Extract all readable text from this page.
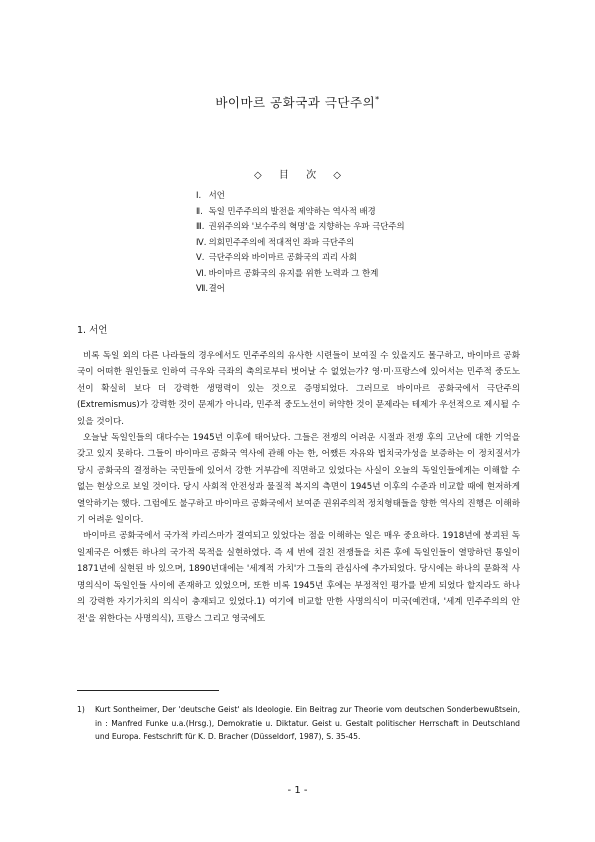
바이마르 공화국과 극단주의*
◇ 目 次 ◇
Ⅰ. 서언
Ⅱ. 독일 민주주의의 발전을 제약하는 역사적 배경
Ⅲ. 권위주의와 '보수주의 혁명'을 지향하는 우파 극단주의
Ⅳ. 의회민주주의에 적대적인 좌파 극단주의
Ⅴ. 극단주의와 바이마르 공화국의 괴리 사회
Ⅵ. 바이마르 공화국의 유지를 위한 노력과 그 한계
Ⅶ. 결어
1. 서언

비록 독일 외의 다른 나라들의 경우에서도 민주주의의 유사한 시련들이 보여질 수 있을지도 몰구하고, 바이마르 공화국이 어떠한 원인들로 인하여 극우와 극좌의 축의로부터 벗어날 수 없었는가? 영·미·프랑스에 있어서는 민주적 중도노선이 확실히 보다 더 강력한 생명력이 있는 것으로 증명되었다. 그러므로 바이마르 공화국에서 극단주의(Extremismus)가 강력한 것이 문제가 아니라, 민주적 중도노선이 허약한 것이 문제라는 테제가 우선적으로 제시될 수 있을 것이다.

오늘날 독일인들의 대다수는 1945년 이후에 태어났다. 그들은 전쟁의 어려운 시절과 전쟁 후의 고난에 대한 기억을 갖고 있지 못하다. 그들이 바이마르 공화국 역사에 관해 아는 한, 어쨌든 자유와 법치국가성을 보증하는 이 정치질서가 당시 공화국의 결정하는 국민들에 있어서 강한 거부감에 직면하고 있었다는 사실이 오늘의 독일인들에게는 이해할 수 없는 현상으로 보일 것이다. 당시 사회적 안전성과 물질적 복지의 측면이 1945년 이후의 수준과 비교할 때에 현저하게 열악하기는 했다. 그럼에도 불구하고 바이마르 공화국에서 보여준 권위주의적 정치형태들을 향한 역사의 진행은 이해하기 어려운 일이다.

바이마르 공화국에서 국가적 카리스마가 결여되고 있었다는 점을 이해하는 일은 매우 중요하다. 1918년에 붕괴된 독일제국은 어쨌든 하나의 국가적 목적을 실현하였다. 즉 세 번에 걸친 전쟁들을 치른 후에 독일인들이 열망하던 통일이 1871년에 실현된 바 있으며, 1890년대에는 '세계적 가치'가 그들의 관심사에 추가되었다. 당시에는 하나의 문화적 사명의식이 독일인들 사이에 존재하고 있었으며, 또한 비록 1945년 후에는 부정적인 평가를 받게 되었다 할지라도 하나의 강력한 자기가치의 의식이 충재되고 있었다.1) 여기에 비교할 만한 사명의식이 미국(예컨대, '세계 민주주의의 안전'을 위한다는 사명의식), 프랑스 그리고 영국에도

1)	Kurt Sontheimer, Der 'deutsche Geist' als Ideologie. Ein Beitrag zur Theorie vom deutschen Sonderbewußtsein, in : Manfred Funke u.a.(Hrsg.), Demokratie u. Diktatur. Geist u. Gestalt politischer Herrschaft in Deutschland und Europa. Festschrift für K. D. Bracher (Düsseldorf, 1987), S. 35-45.
- 1 -
